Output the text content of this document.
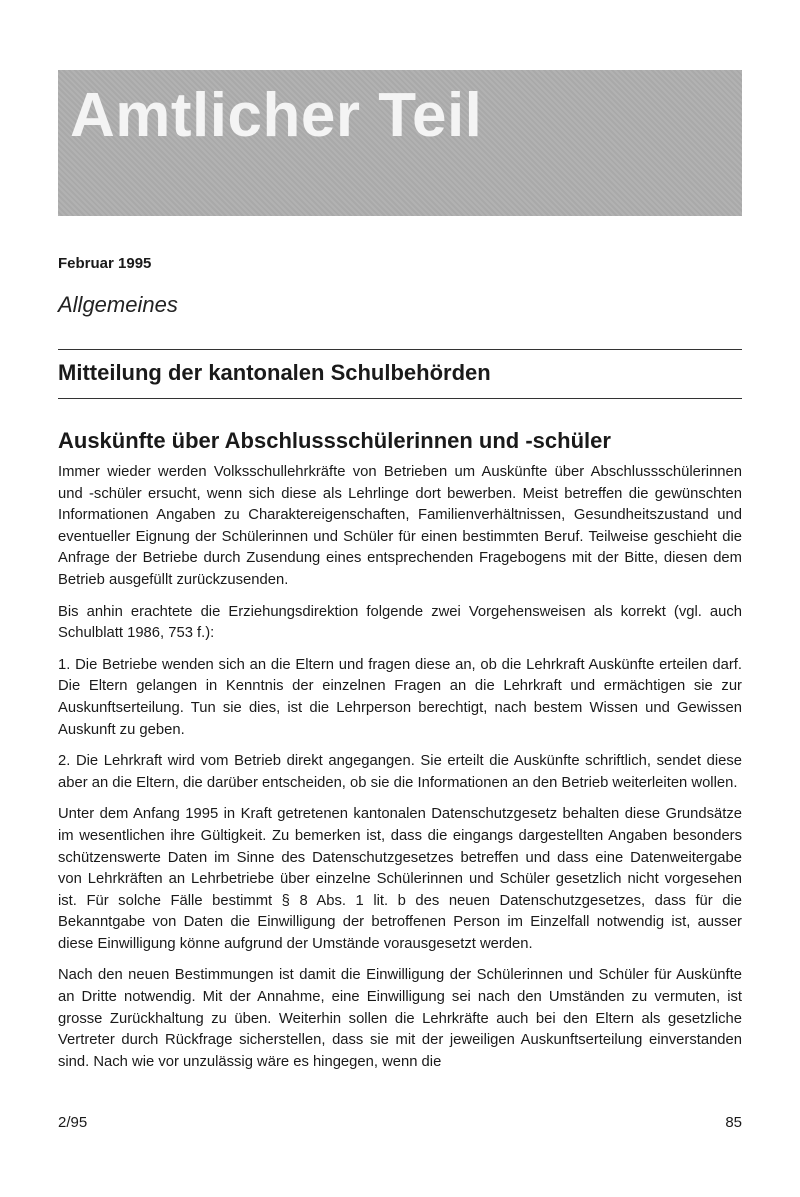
Amtlicher Teil
Februar 1995
Allgemeines
Mitteilung der kantonalen Schulbehörden
Auskünfte über Abschlussschülerinnen und -schüler

Immer wieder werden Volksschullehrkräfte von Betrieben um Auskünfte über Abschlussschülerinnen und -schüler ersucht, wenn sich diese als Lehrlinge dort bewerben. Meist betreffen die gewünschten Informationen Angaben zu Charaktereigenschaften, Familienverhältnissen, Gesundheitszustand und eventueller Eignung der Schülerinnen und Schüler für einen bestimmten Beruf. Teilweise geschieht die Anfrage der Betriebe durch Zusendung eines entsprechenden Fragebogens mit der Bitte, diesen dem Betrieb ausgefüllt zurückzusenden.

Bis anhin erachtete die Erziehungsdirektion folgende zwei Vorgehensweisen als korrekt (vgl. auch Schulblatt 1986, 753 f.):

1. Die Betriebe wenden sich an die Eltern und fragen diese an, ob die Lehrkraft Auskünfte erteilen darf. Die Eltern gelangen in Kenntnis der einzelnen Fragen an die Lehrkraft und ermächtigen sie zur Auskunftserteilung. Tun sie dies, ist die Lehrperson berechtigt, nach bestem Wissen und Gewissen Auskunft zu geben.

2. Die Lehrkraft wird vom Betrieb direkt angegangen. Sie erteilt die Auskünfte schriftlich, sendet diese aber an die Eltern, die darüber entscheiden, ob sie die Informationen an den Betrieb weiterleiten wollen.

Unter dem Anfang 1995 in Kraft getretenen kantonalen Datenschutzgesetz behalten diese Grundsätze im wesentlichen ihre Gültigkeit. Zu bemerken ist, dass die eingangs dargestellten Angaben besonders schützenswerte Daten im Sinne des Datenschutzgesetzes betreffen und dass eine Datenweitergabe von Lehrkräften an Lehrbetriebe über einzelne Schülerinnen und Schüler gesetzlich nicht vorgesehen ist. Für solche Fälle bestimmt § 8 Abs. 1 lit. b des neuen Datenschutzgesetzes, dass für die Bekanntgabe von Daten die Einwilligung der betroffenen Person im Einzelfall notwendig ist, ausser diese Einwilligung könne aufgrund der Umstände vorausgesetzt werden.

Nach den neuen Bestimmungen ist damit die Einwilligung der Schülerinnen und Schüler für Auskünfte an Dritte notwendig. Mit der Annahme, eine Einwilligung sei nach den Umständen zu vermuten, ist grosse Zurückhaltung zu üben. Weiterhin sollen die Lehrkräfte auch bei den Eltern als gesetzliche Vertreter durch Rückfrage sicherstellen, dass sie mit der jeweiligen Auskunftserteilung einverstanden sind. Nach wie vor unzulässig wäre es hingegen, wenn die

2/95	85
